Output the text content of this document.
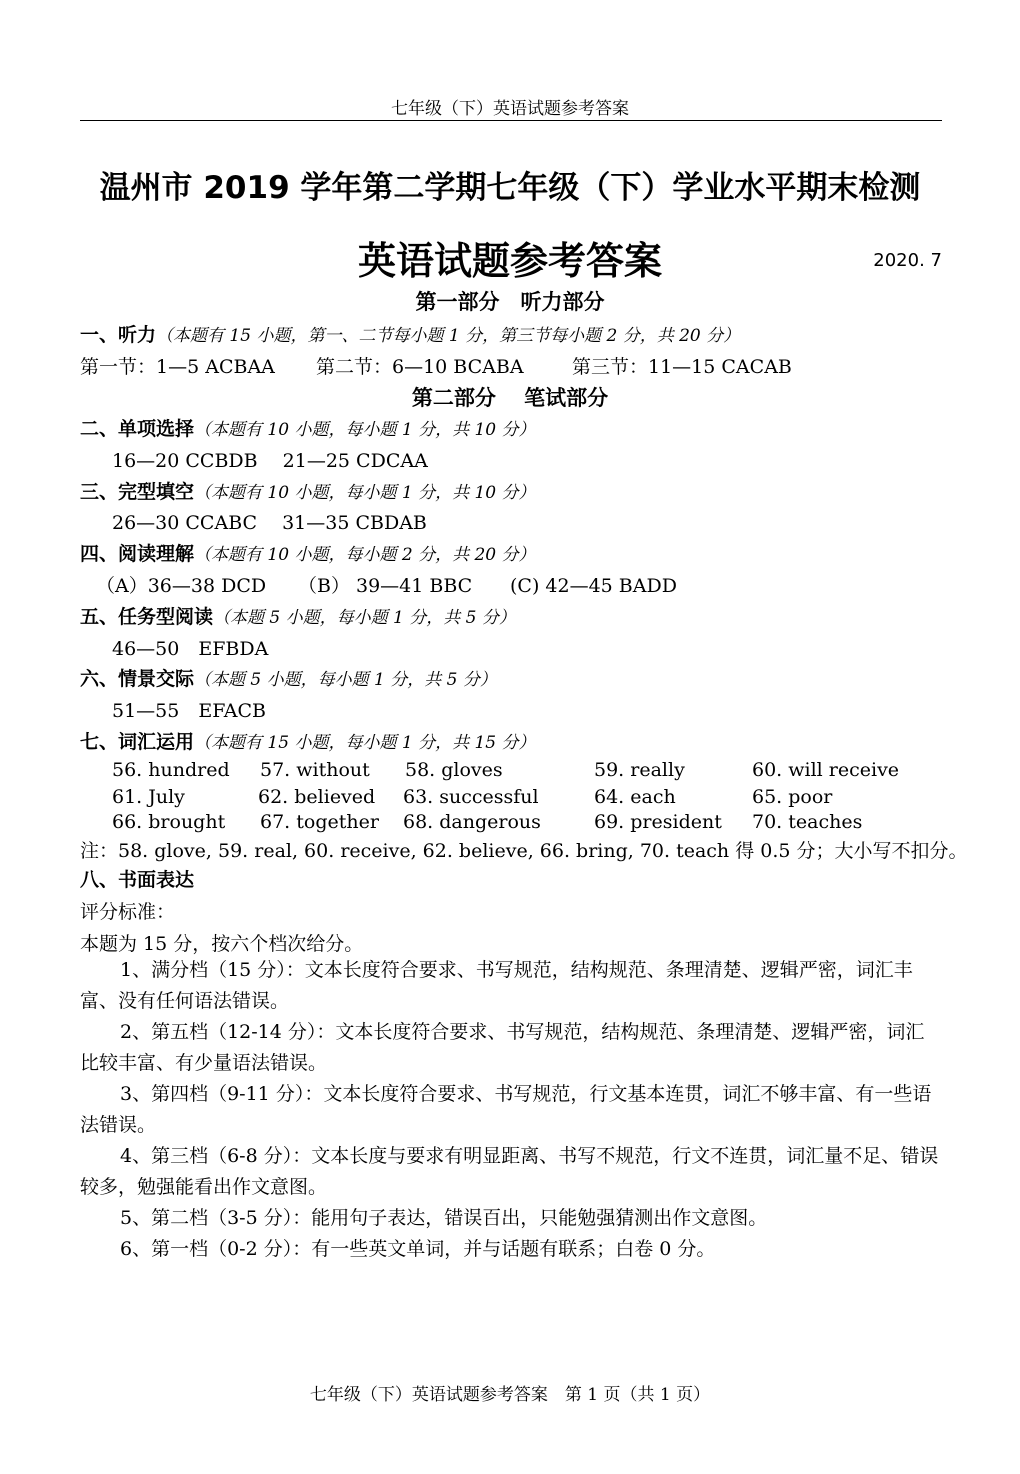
七年级（下）英语试题参考答案
温州市 2019 学年第二学期七年级（下）学业水平期末检测
英语试题参考答案	2020. 7
第一部分　听力部分
一、听力（本题有 15 小题，第一、二节每小题 1 分，第三节每小题 2 分，共 20 分）
第一节：1—5 ACBAA 第二节：6—10 BCABA	第三节：11—15 CACAB
第二部分　 笔试部分
二、单项选择（本题有 10 小题，每小题 1 分，共 10 分）
16—20 CCBDB　 21—25 CDCAA
三、完型填空（本题有 10 小题，每小题 1 分，共 10 分）
26—30 CCABC　 31—35 CBDAB
四、阅读理解（本题有 10 小题，每小题 2 分，共 20 分）
（A）36—38 DCD （B） 39—41 BBC (C) 42—45 BADD
五、任务型阅读（本题 5 小题，每小题 1 分，共 5 分）
46—50　EFBDA
六、情景交际（本题 5 小题，每小题 1 分，共 5 分）
51—55　EFACB
七、词汇运用（本题有 15 小题，每小题 1 分，共 15 分）
56. hundred 57. without 58. gloves	59. really	60. will receive
61. July	62. believed 63. successful	64. each	65. poor
66. brought 67. together 68. dangerous	69. president 70. teaches
注：58. glove, 59. real, 60. receive, 62. believe, 66. bring, 70. teach 得 0.5 分；大小写不扣分。
八、书面表达
评分标准：
本题为 15 分，按六个档次给分。

1、满分档（15 分）：文本长度符合要求、书写规范，结构规范、条理清楚、逻辑严密，词汇丰富、没有任何语法错误。

2、第五档（12-14 分）：文本长度符合要求、书写规范，结构规范、条理清楚、逻辑严密，词汇比较丰富、有少量语法错误。

3、第四档（9-11 分）：文本长度符合要求、书写规范，行文基本连贯，词汇不够丰富、有一些语法错误。

4、第三档（6-8 分）：文本长度与要求有明显距离、书写不规范，行文不连贯，词汇量不足、错误较多，勉强能看出作文意图。

5、第二档（3-5 分）：能用句子表达，错误百出，只能勉强猜测出作文意图。

6、第一档（0-2 分）：有一些英文单词，并与话题有联系；白卷 0 分。

七年级（下）英语试题参考答案　第 1 页（共 1 页）
